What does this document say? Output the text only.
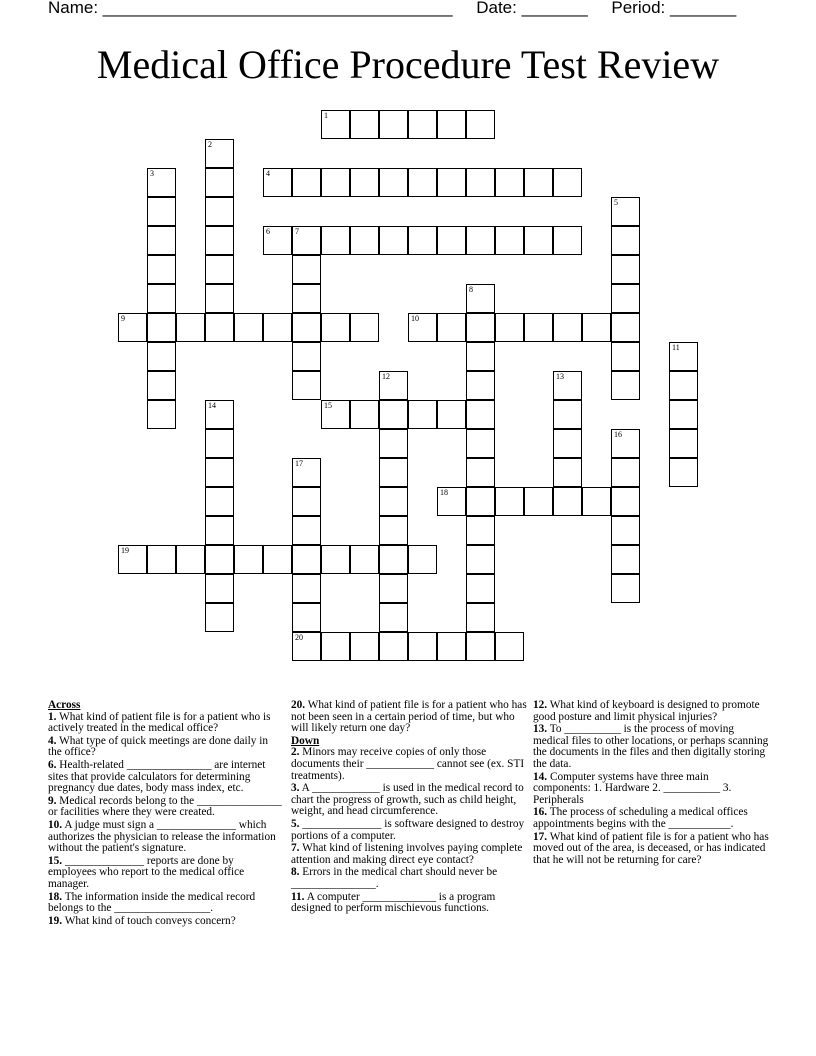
Name: _____________________________________     Date: _______     Period: _______
Medical Office Procedure Test Review
1
2
3	4
5
6	7
8
9	10
11
12	13
14	15
16
17
18
19
20
Across
1. What kind of patient file is for a patient who is actively treated in the medical office?
4. What type of quick meetings are done daily in the office?
6. Health-related _______________ are internet sites that provide calculators for determining pregnancy due dates, body mass index, etc.
9. Medical records belong to the _______________ or facilities where they were created.
10. A judge must sign a ______________ which authorizes the physician to release the information without the patient's signature.
15. ______________ reports are done by employees who report to the medical office manager.
18. The information inside the medical record belongs to the _________________.
19. What kind of touch conveys concern?
20. What kind of patient file is for a patient who has not been seen in a certain period of time, but who will likely return one day?
Down
2. Minors may receive copies of only those documents their ____________ cannot see (ex. STI treatments).
3. A ____________ is used in the medical record to chart the progress of growth, such as child height, weight, and head circumference.
5. ______________ is software designed to destroy portions of a computer.
7. What kind of listening involves paying complete attention and making direct eye contact?
8. Errors in the medical chart should never be _______________.
11. A computer _____________ is a program designed to perform mischievous functions.
12. What kind of keyboard is designed to promote good posture and limit physical injuries?
13. To __________ is the process of moving medical files to other locations, or perhaps scanning the documents in the files and then digitally storing the data.
14. Computer systems have three main components: 1. Hardware 2. __________ 3. Peripherals
16. The process of scheduling a medical offices appointments begins with the ___________.
17. What kind of patient file is for a patient who has moved out of the area, is deceased, or has indicated that he will not be returning for care?
